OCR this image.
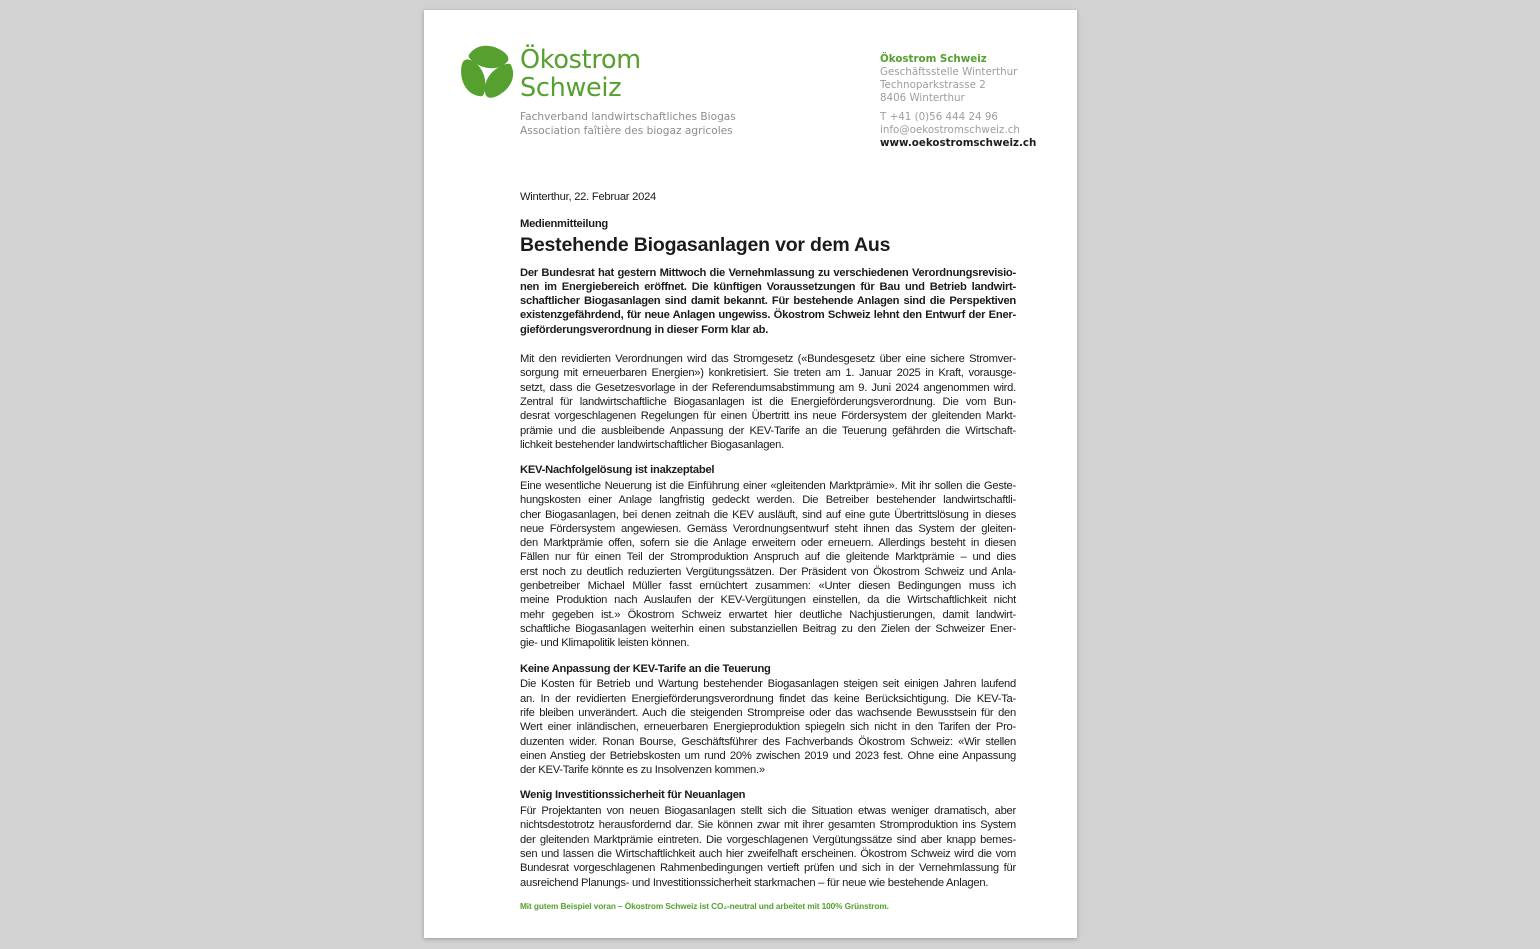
Ökostrom
Schweiz
Fachverband landwirtschaftliches Biogas
Association faîtière des biogaz agricoles
Ökostrom Schweiz
Geschäftsstelle Winterthur
Technoparkstrasse 2
8406 Winterthur
T +41 (0)56 444 24 96
info@oekostromschweiz.ch
www.oekostromschweiz.ch
Winterthur, 22. Februar 2024
Medienmitteilung
Bestehende Biogasanlagen vor dem Aus
Der Bundesrat hat gestern Mittwoch die Vernehmlassung zu verschiedenen Verordnungsrevisio-
nen im Energiebereich eröffnet. Die künftigen Voraussetzungen für Bau und Betrieb landwirt-
schaftlicher Biogasanlagen sind damit bekannt. Für bestehende Anlagen sind die Perspektiven
existenzgefährdend, für neue Anlagen ungewiss. Ökostrom Schweiz lehnt den Entwurf der Ener-
gieförderungsverordnung in dieser Form klar ab.
Mit den revidierten Verordnungen wird das Stromgesetz («Bundesgesetz über eine sichere Stromver-
sorgung mit erneuerbaren Energien») konkretisiert. Sie treten am 1. Januar 2025 in Kraft, vorausge-
setzt, dass die Gesetzesvorlage in der Referendumsabstimmung am 9. Juni 2024 angenommen wird.
Zentral für landwirtschaftliche Biogasanlagen ist die Energieförderungsverordnung. Die vom Bun-
desrat vorgeschlagenen Regelungen für einen Übertritt ins neue Fördersystem der gleitenden Markt-
prämie und die ausbleibende Anpassung der KEV-Tarife an die Teuerung gefährden die Wirtschaft-
lichkeit bestehender landwirtschaftlicher Biogasanlagen.
KEV-Nachfolgelösung ist inakzeptabel
Eine wesentliche Neuerung ist die Einführung einer «gleitenden Marktprämie». Mit ihr sollen die Geste-
hungskosten einer Anlage langfristig gedeckt werden. Die Betreiber bestehender landwirtschaftli-
cher Biogasanlagen, bei denen zeitnah die KEV ausläuft, sind auf eine gute Übertrittslösung in dieses
neue Fördersystem angewiesen. Gemäss Verordnungsentwurf steht ihnen das System der gleiten-
den Marktprämie offen, sofern sie die Anlage erweitern oder erneuern. Allerdings besteht in diesen
Fällen nur für einen Teil der Stromproduktion Anspruch auf die gleitende Marktprämie – und dies
erst noch zu deutlich reduzierten Vergütungssätzen. Der Präsident von Ökostrom Schweiz und Anla-
genbetreiber Michael Müller fasst ernüchtert zusammen: «Unter diesen Bedingungen muss ich
meine Produktion nach Auslaufen der KEV-Vergütungen einstellen, da die Wirtschaftlichkeit nicht
mehr gegeben ist.» Ökostrom Schweiz erwartet hier deutliche Nachjustierungen, damit landwirt-
schaftliche Biogasanlagen weiterhin einen substanziellen Beitrag zu den Zielen der Schweizer Ener-
gie- und Klimapolitik leisten können.
Keine Anpassung der KEV-Tarife an die Teuerung
Die Kosten für Betrieb und Wartung bestehender Biogasanlagen steigen seit einigen Jahren laufend
an. In der revidierten Energieförderungsverordnung findet das keine Berücksichtigung. Die KEV-Ta-
rife bleiben unverändert. Auch die steigenden Strompreise oder das wachsende Bewusstsein für den
Wert einer inländischen, erneuerbaren Energieproduktion spiegeln sich nicht in den Tarifen der Pro-
duzenten wider. Ronan Bourse, Geschäftsführer des Fachverbands Ökostrom Schweiz: «Wir stellen
einen Anstieg der Betriebskosten um rund 20% zwischen 2019 und 2023 fest. Ohne eine Anpassung
der KEV-Tarife könnte es zu Insolvenzen kommen.»
Wenig Investitionssicherheit für Neuanlagen
Für Projektanten von neuen Biogasanlagen stellt sich die Situation etwas weniger dramatisch, aber
nichtsdestotrotz herausfordernd dar. Sie können zwar mit ihrer gesamten Stromproduktion ins System
der gleitenden Marktprämie eintreten. Die vorgeschlagenen Vergütungssätze sind aber knapp bemes-
sen und lassen die Wirtschaftlichkeit auch hier zweifelhaft erscheinen. Ökostrom Schweiz wird die vom
Bundesrat vorgeschlagenen Rahmenbedingungen vertieft prüfen und sich in der Vernehmlassung für
ausreichend Planungs- und Investitionssicherheit starkmachen – für neue wie bestehende Anlagen.
Mit gutem Beispiel voran – Ökostrom Schweiz ist CO₂-neutral und arbeitet mit 100% Grünstrom.
